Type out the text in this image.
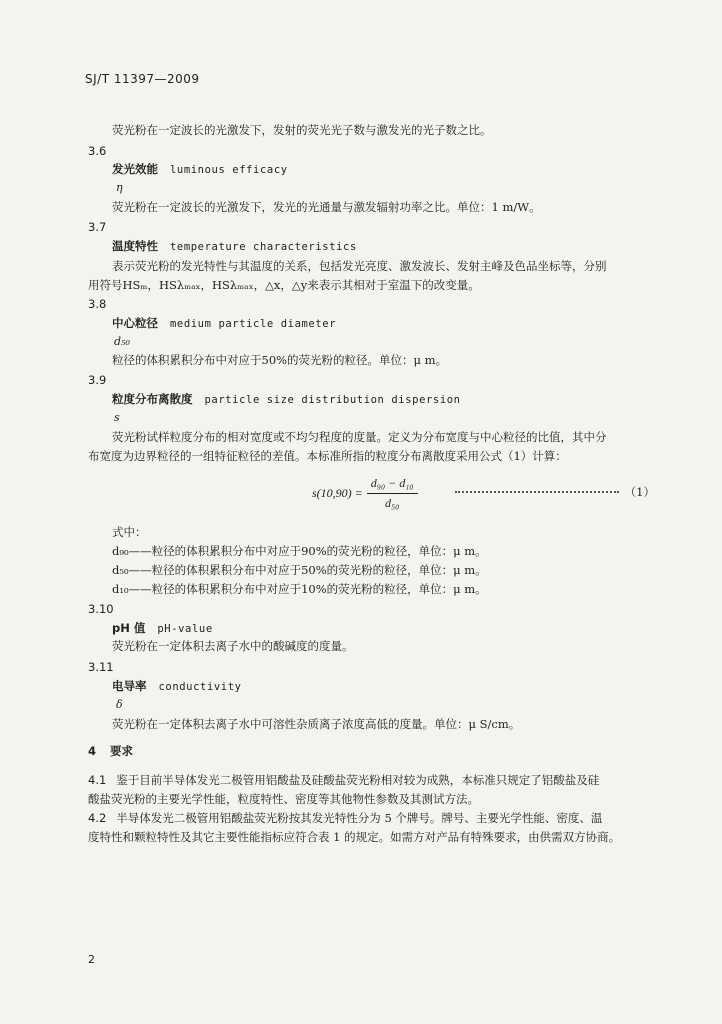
SJ/T 11397—2009
荧光粉在一定波长的光激发下，发射的荧光光子数与激发光的光子数之比。
3.6
发光效能 luminous efficacy
η
荧光粉在一定波长的光激发下，发光的光通量与激发辐射功率之比。单位：1 m/W。
3.7
温度特性 temperature characteristics
表示荧光粉的发光特性与其温度的关系，包括发光亮度、激发波长、发射主峰及色品坐标等，分别
用符号HSₘ，HSλₘₐₓ，HSλₘₐₓ，△x，△y来表示其相对于室温下的改变量。
3.8
中心粒径 medium particle diameter
d₅₀
粒径的体积累积分布中对应于50%的荧光粉的粒径。单位：μ m。
3.9
粒度分布离散度 particle size distribution dispersion
s
荧光粉试样粒度分布的相对宽度或不均匀程度的度量。定义为分布宽度与中心粒径的比值，其中分
布宽度为边界粒径的一组特征粒径的差值。本标准所指的粒度分布离散度采用公式（1）计算：
$s(10,90) = \frac{\text{d₉₀ − d₁₀}}{\text{d₅₀}}$	（1）
式中：
d₉₀——粒径的体积累积分布中对应于90%的荧光粉的粒径，单位：μ m。
d₅₀——粒径的体积累积分布中对应于50%的荧光粉的粒径，单位：μ m。
d₁₀——粒径的体积累积分布中对应于10%的荧光粉的粒径，单位：μ m。
3.10
pH 值 pH-value
荧光粉在一定体积去离子水中的酸碱度的度量。
3.11
电导率 conductivity
δ
荧光粉在一定体积去离子水中可溶性杂质离子浓度高低的度量。单位：μ S/cm。
4 要求
4.1 鉴于目前半导体发光二极管用铝酸盐及硅酸盐荧光粉相对较为成熟，本标准只规定了铝酸盐及硅
酸盐荧光粉的主要光学性能，粒度特性、密度等其他物性参数及其测试方法。
4.2 半导体发光二极管用铝酸盐荧光粉按其发光特性分为 5 个牌号。牌号、主要光学性能、密度、温
度特性和颗粒特性及其它主要性能指标应符合表 1 的规定。如需方对产品有特殊要求，由供需双方协商。
2
